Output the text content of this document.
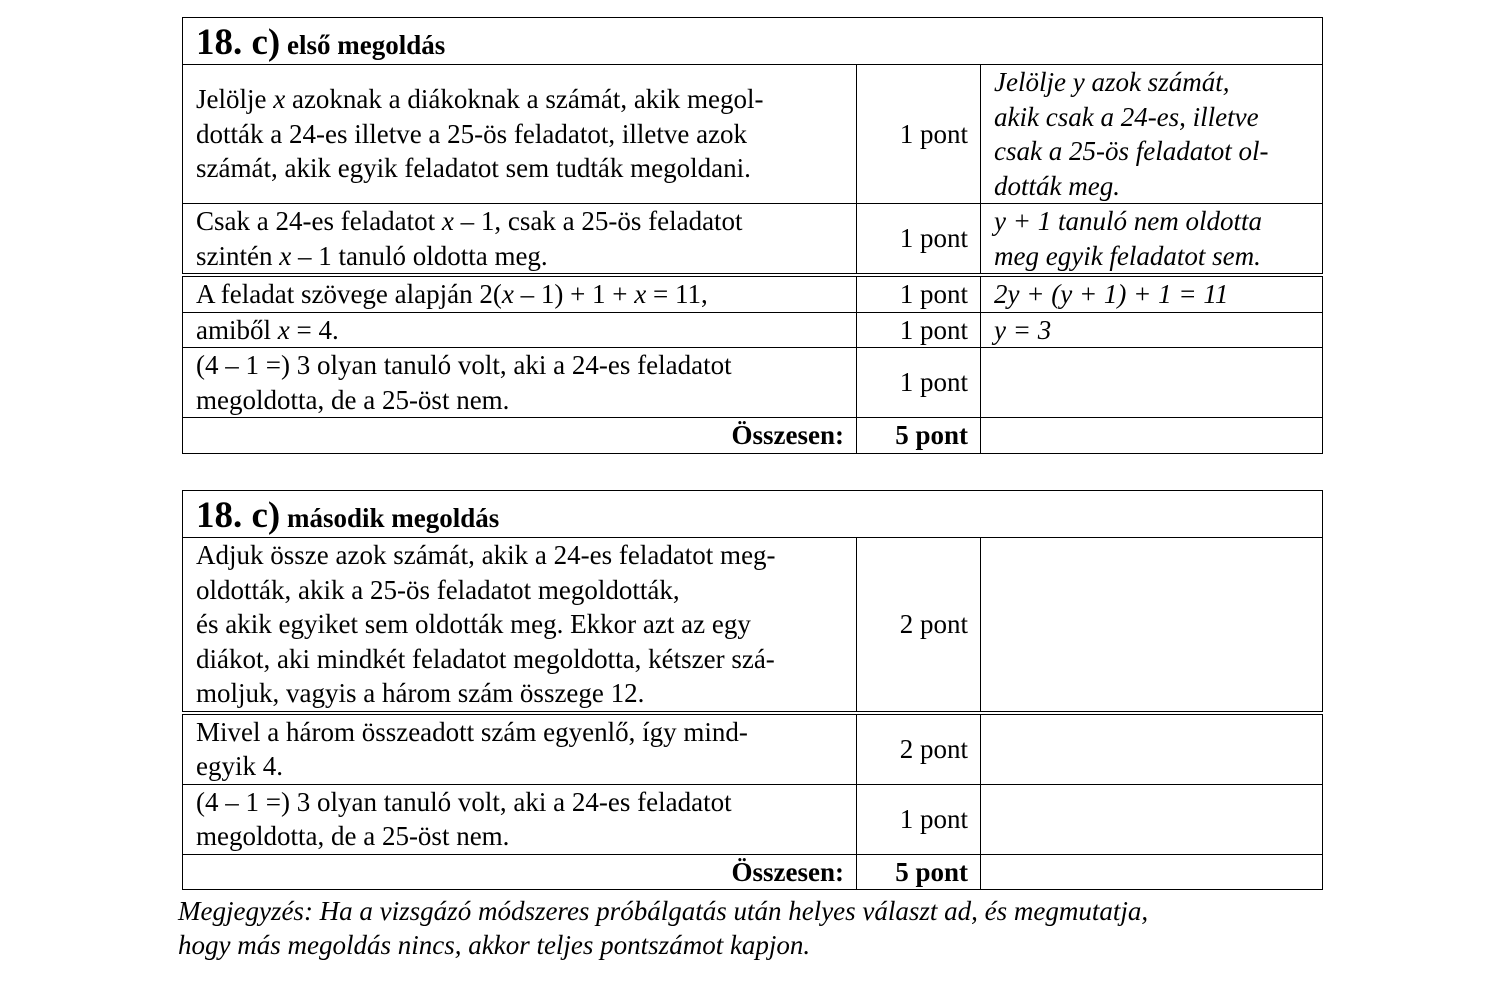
18. c) első megoldás		
Jelölje x azoknak a diákoknak a számát, akik megol-
dották a 24-es illetve a 25-ös feladatot, illetve azok
számát, akik egyik feladatot sem tudták megoldani.	1 pont	Jelölje y azok számát,
akik csak a 24-es, illetve
csak a 25-ös feladatot ol-
dották meg.
Csak a 24-es feladatot x – 1, csak a 25-ös feladatot
szintén x – 1 tanuló oldotta meg.	1 pont	y + 1 tanuló nem oldotta
meg egyik feladatot sem.
A feladat szövege alapján 2(x – 1) + 1 + x = 11,	1 pont	2y + (y + 1) + 1 = 11
amiből x = 4.	1 pont	y = 3
(4 – 1 =) 3 olyan tanuló volt, aki a 24-es feladatot
megoldotta, de a 25-öst nem.	1 pont	
Összesen:	5 pont	
18. c) második megoldás		
Adjuk össze azok számát, akik a 24-es feladatot meg-
oldották, akik a 25-ös feladatot megoldották,
és akik egyiket sem oldották meg. Ekkor azt az egy
diákot, aki mindkét feladatot megoldotta, kétszer szá-
moljuk, vagyis a három szám összege 12.	2 pont	
Mivel a három összeadott szám egyenlő, így mind-
egyik 4.	2 pont	
(4 – 1 =) 3 olyan tanuló volt, aki a 24-es feladatot
megoldotta, de a 25-öst nem.	1 pont	
Összesen:	5 pont	
Megjegyzés: Ha a vizsgázó módszeres próbálgatás után helyes választ ad, és megmutatja,
hogy más megoldás nincs, akkor teljes pontszámot kapjon.
